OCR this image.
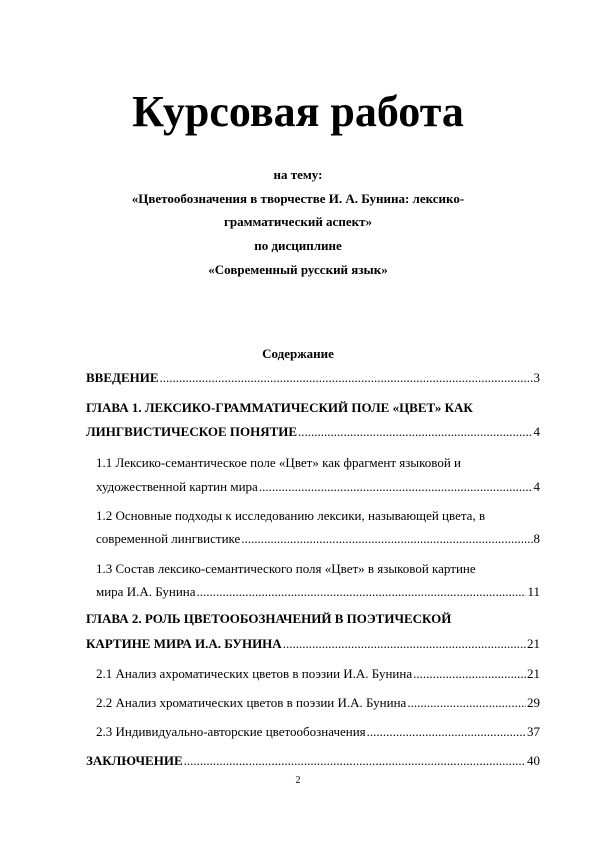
Курсовая работа
на тему:
«Цветообозначения в творчестве И. А. Бунина: лексико-
грамматический аспект»
по дисциплине
«Современный русский язык»
Содержание
ВВЕДЕНИЕ .....	3
ГЛАВА 1. ЛЕКСИКО-ГРАММАТИЧЕСКИЙ ПОЛЕ «ЦВЕТ» КАК
ЛИНГВИСТИЧЕСКОЕ ПОНЯТИЕ .....	4
1.1 Лексико-семантическое поле «Цвет» как фрагмент языковой и
художественной картин мира .....	4
1.2 Основные подходы к исследованию лексики, называющей цвета, в
современной лингвистике .....	8
1.3 Состав лексико-семантического поля «Цвет» в языковой картине
мира И.А. Бунина .....	11
ГЛАВА 2. РОЛЬ ЦВЕТООБОЗНАЧЕНИЙ В ПОЭТИЧЕСКОЙ
КАРТИНЕ МИРА И.А. БУНИНА .....	21
2.1 Анализ ахроматических цветов в поэзии И.А. Бунина .....	21
2.2 Анализ хроматических цветов в поэзии И.А. Бунина .....	29
2.3 Индивидуально-авторские цветообозначения .....	37
ЗАКЛЮЧЕНИЕ .....	40
2
